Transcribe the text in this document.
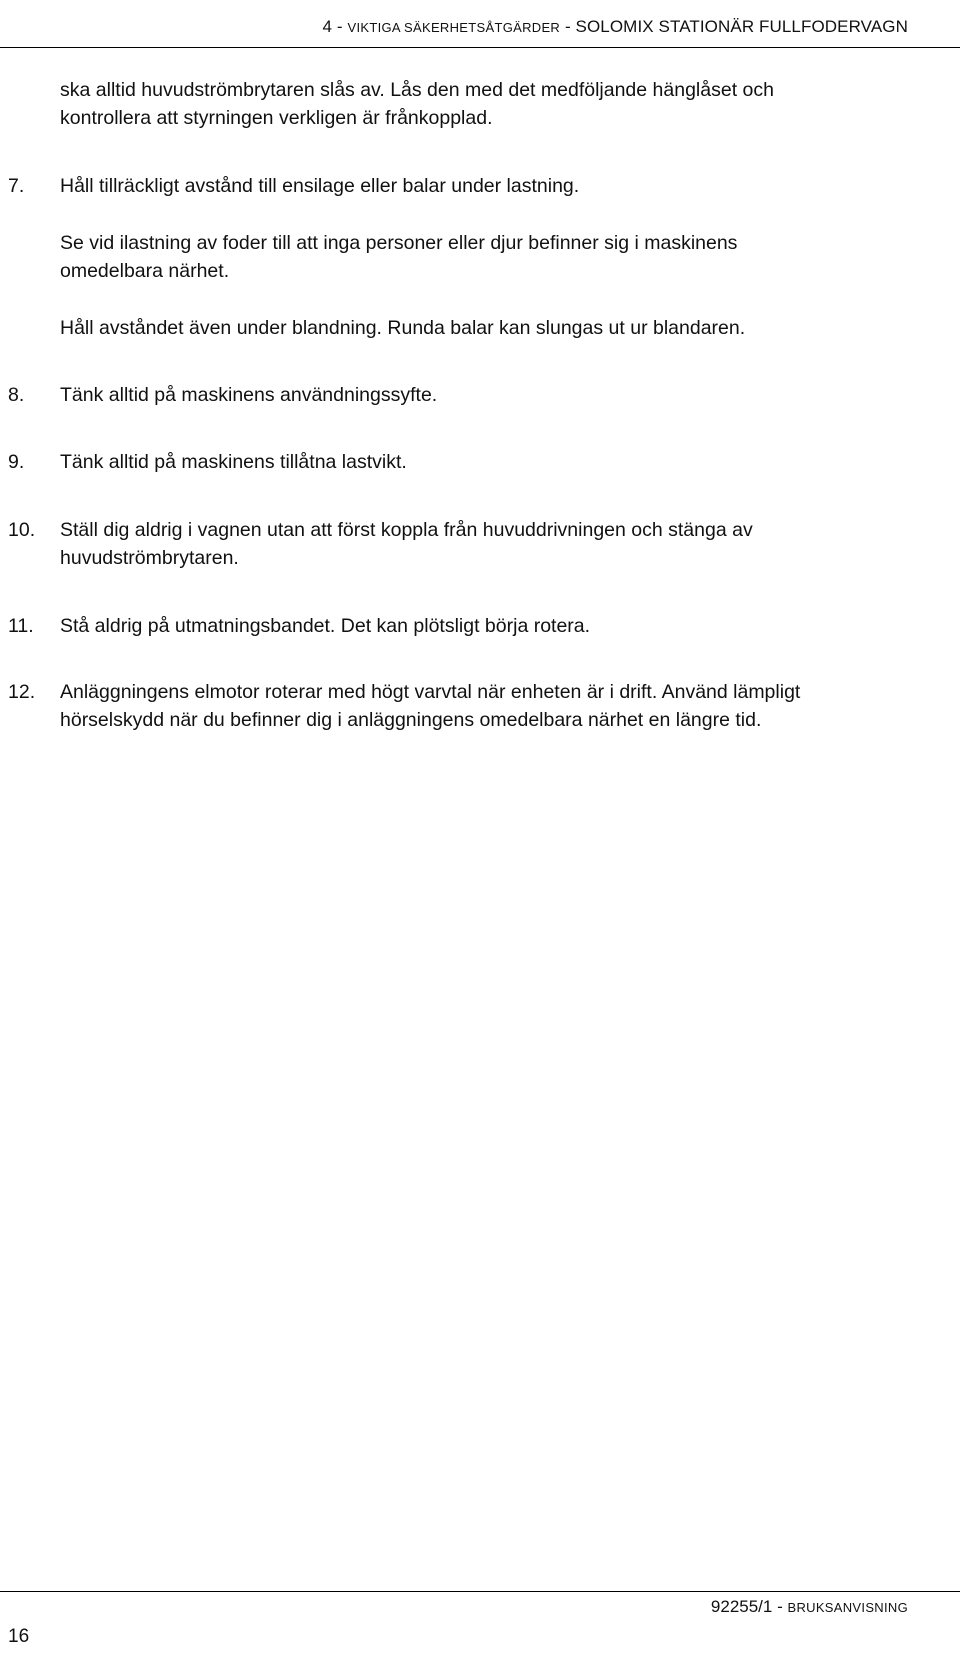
4 - VIKTIGA SÄKERHETSÅTGÄRDER - SOLOMIX STATIONÄR FULLFODERVAGN
ska alltid huvudströmbrytaren slås av. Lås den med det medföljande hänglåset och
kontrollera att styrningen verkligen är frånkopplad.
7. Håll tillräckligt avstånd till ensilage eller balar under lastning.
Se vid ilastning av foder till att inga personer eller djur befinner sig i maskinens
omedelbara närhet.
Håll avståndet även under blandning. Runda balar kan slungas ut ur blandaren.
8. Tänk alltid på maskinens användningssyfte.
9. Tänk alltid på maskinens tillåtna lastvikt.
10. Ställ dig aldrig i vagnen utan att först koppla från huvuddrivningen och stänga av
huvudströmbrytaren.
11. Stå aldrig på utmatningsbandet. Det kan plötsligt börja rotera.
12. Anläggningens elmotor roterar med högt varvtal när enheten är i drift. Använd lämpligt
hörselskydd när du befinner dig i anläggningens omedelbara närhet en längre tid.
92255/1 - BRUKSANVISNING
16
